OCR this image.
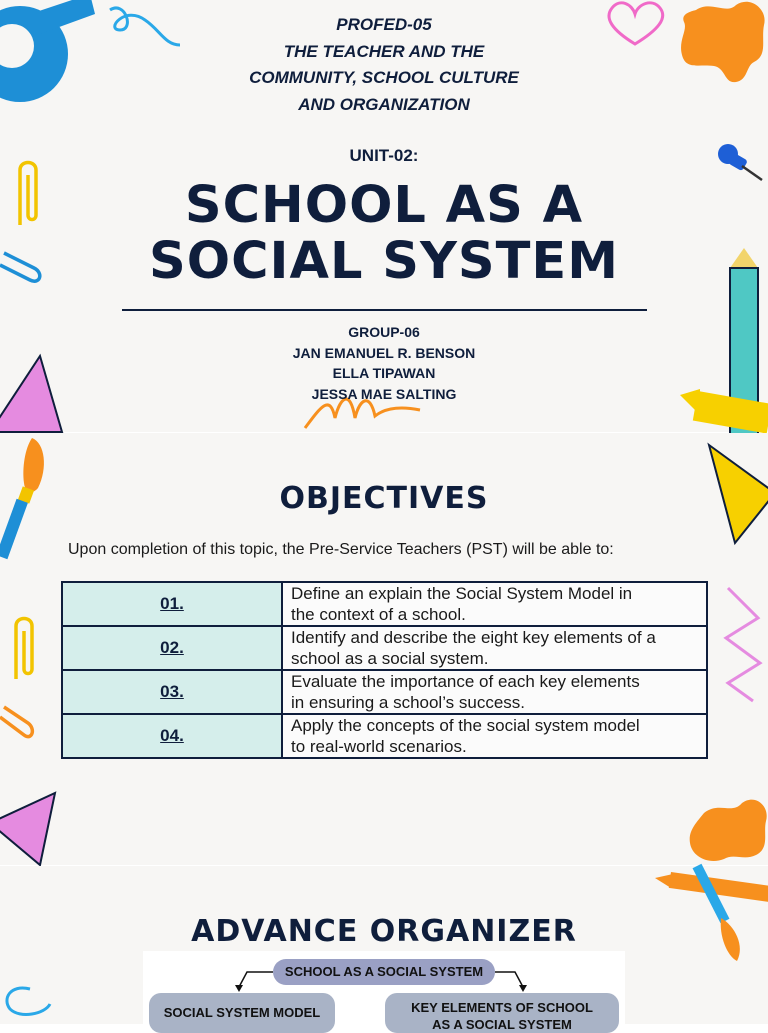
PROFED-05
THE TEACHER AND THE
COMMUNITY, SCHOOL CULTURE
AND ORGANIZATION
UNIT-02:
SCHOOL AS A
SOCIAL SYSTEM
GROUP-06
JAN EMANUEL R. BENSON
ELLA TIPAWAN
JESSA MAE SALTING
OBJECTIVES
Upon completion of this topic, the Pre-Service Teachers (PST) will be able to:
01.	Define an explain the Social System Model in
the context of a school.

02.	Identify and describe the eight key elements of a
school as a social system.

03.	Evaluate the importance of each key elements
in ensuring a school’s success.

04.	Apply the concepts of the social system model
to real-world scenarios.
ADVANCE ORGANIZER
SCHOOL AS A SOCIAL SYSTEM
SOCIAL SYSTEM MODEL	KEY ELEMENTS OF SCHOOL
AS A SOCIAL SYSTEM
